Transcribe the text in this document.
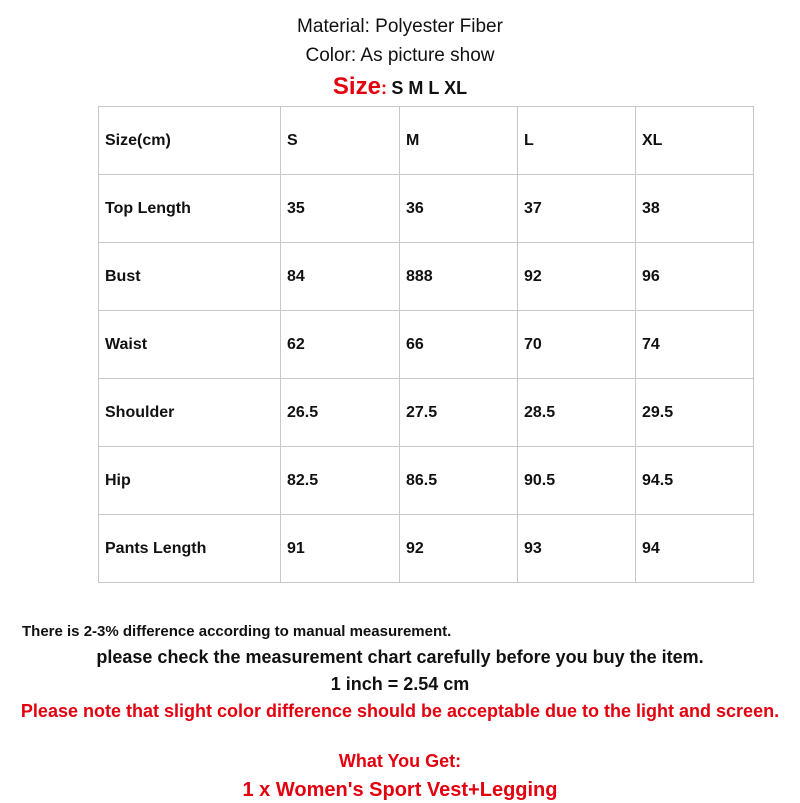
Material: Polyester Fiber
Color: As picture show
Size: S M L XL
Size(cm)	S	M	L	XL
Top Length	35	36	37	38
Bust	84	888	92	96
Waist	62	66	70	74
Shoulder	26.5	27.5	28.5	29.5
Hip	82.5	86.5	90.5	94.5
Pants Length	91	92	93	94
There is 2-3% difference according to manual measurement.
please check the measurement chart carefully before you buy the item.
1 inch = 2.54 cm
Please note that slight color difference should be acceptable due to the light and screen.
What You Get:
1 x Women's Sport Vest+Legging
